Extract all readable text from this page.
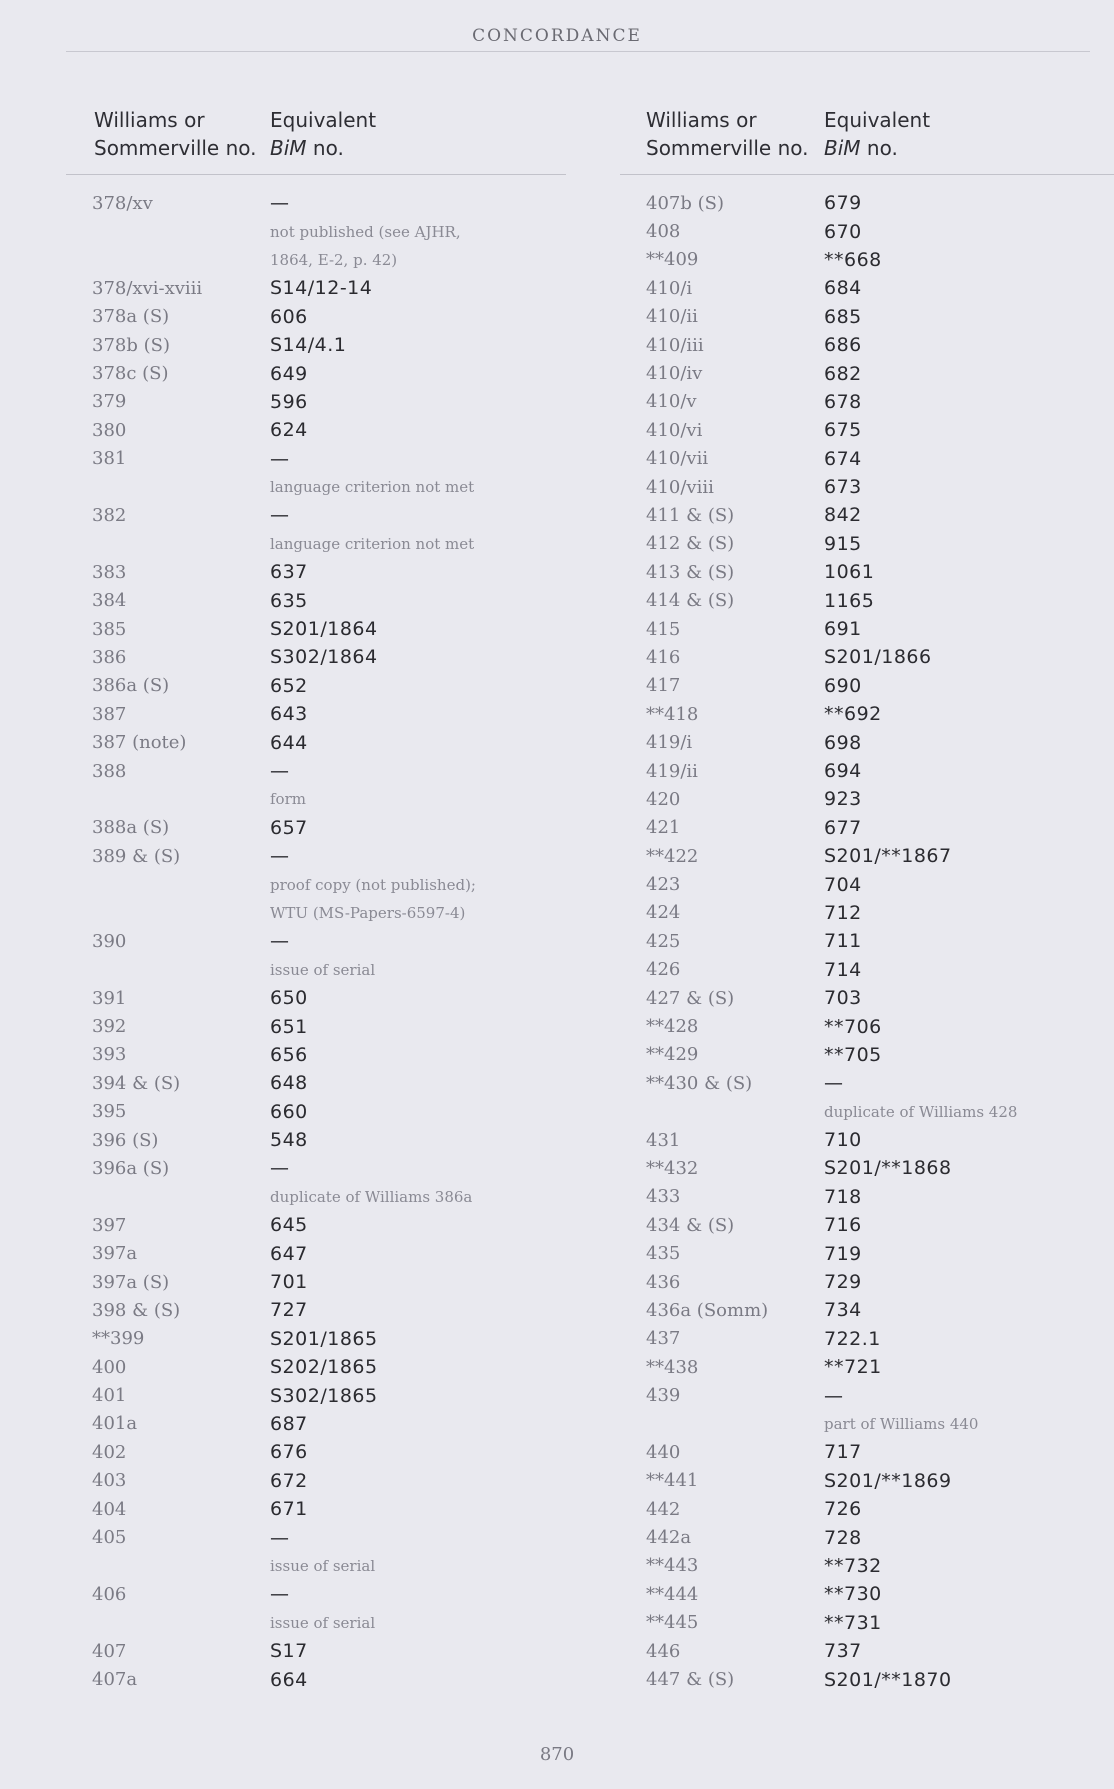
CONCORDANCE
Williams or
Sommerville no.
Equivalent
BiM no.
378/xv	—
not published (see AJHR,
1864, E-2, p. 42)
378/xvi-xviii	S14/12-14
378a (S)	606
378b (S)	S14/4.1
378c (S)	649
379	596
380	624
381	—
language criterion not met
382	—
language criterion not met
383	637
384	635
385	S201/1864
386	S302/1864
386a (S)	652
387	643
387 (note)	644
388	—
form
388a (S)	657
389 & (S)	—
proof copy (not published);
WTU (MS-Papers-6597-4)
390	—
issue of serial
391	650
392	651
393	656
394 & (S)	648
395	660
396 (S)	548
396a (S)	—
duplicate of Williams 386a
397	645
397a	647
397a (S)	701
398 & (S)	727
**399	S201/1865
400	S202/1865
401	S302/1865
401a	687
402	676
403	672
404	671
405	—
issue of serial
406	—
issue of serial
407	S17
407a	664
Williams or
Sommerville no.
Equivalent
BiM no.
407b (S)	679
408	670
**409	**668
410/i	684
410/ii	685
410/iii	686
410/iv	682
410/v	678
410/vi	675
410/vii	674
410/viii	673
411 & (S)	842
412 & (S)	915
413 & (S)	1061
414 & (S)	1165
415	691
416	S201/1866
417	690
**418	**692
419/i	698
419/ii	694
420	923
421	677
**422	S201/**1867
423	704
424	712
425	711
426	714
427 & (S)	703
**428	**706
**429	**705
**430 & (S)	—
duplicate of Williams 428
431	710
**432	S201/**1868
433	718
434 & (S)	716
435	719
436	729
436a (Somm)	734
437	722.1
**438	**721
439	—
part of Williams 440
440	717
**441	S201/**1869
442	726
442a	728
**443	**732
**444	**730
**445	**731
446	737
447 & (S)	S201/**1870
870
